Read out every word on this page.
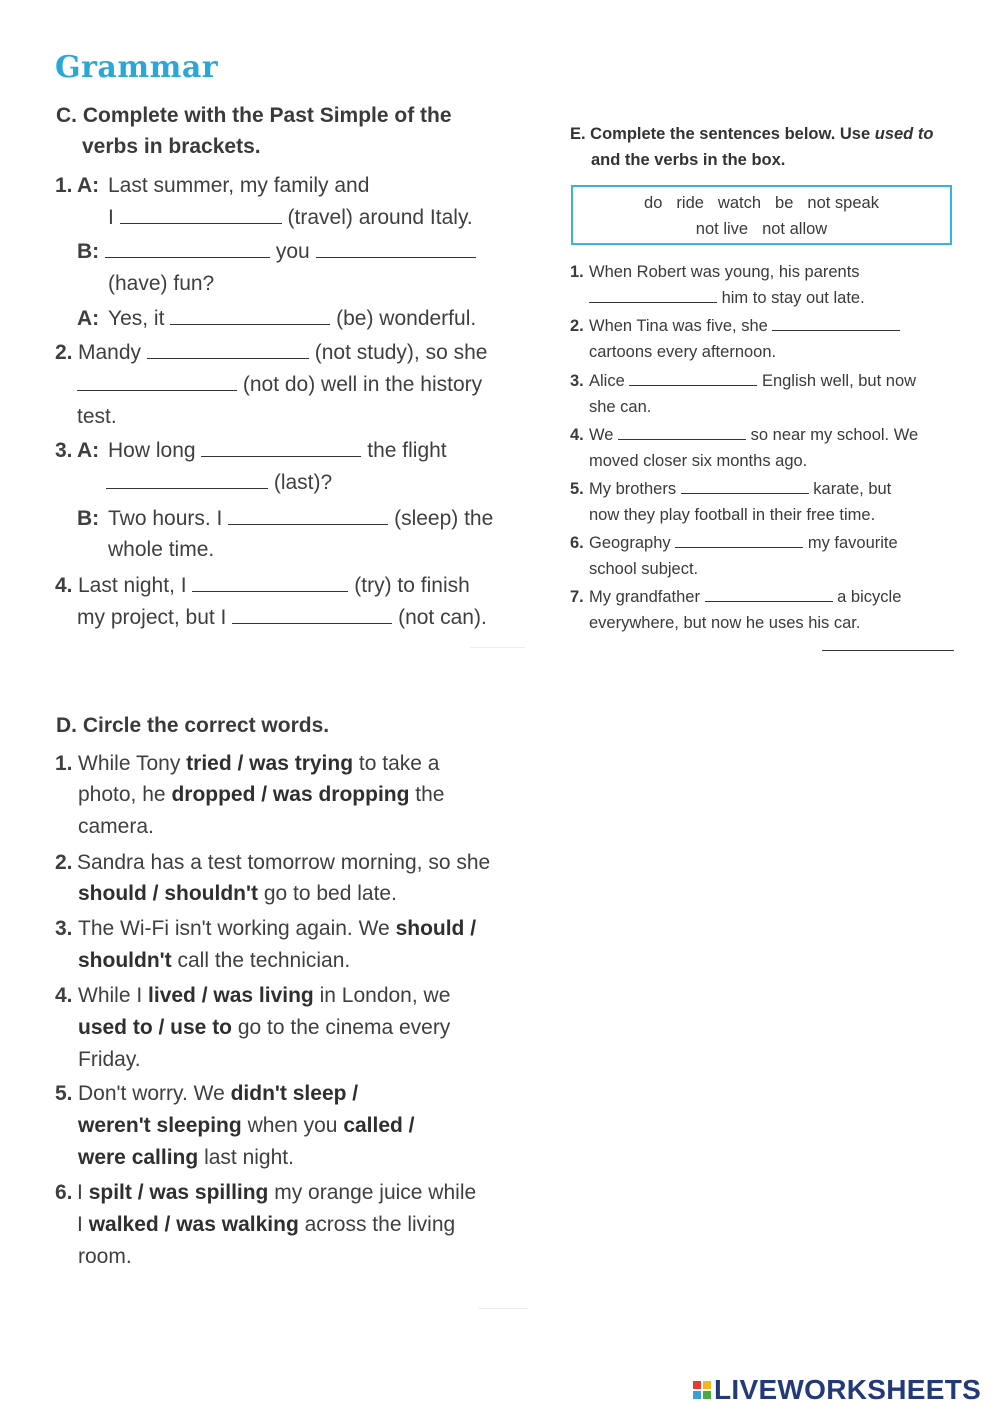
Grammar
C. Complete with the Past Simple of the
verbs in brackets.
1. A: Last summer, my family and
I	(travel) around Italy.
B:	you
(have) fun?
A: Yes, it	(be) wonderful.
2. Mandy	(not study), so she
(not do) well in the history
test.
3. A: How long	the flight
(last)?
B: Two hours. I	(sleep) the
whole time.
4. Last night, I	(try) to finish
my project, but I	(not can).
D. Circle the correct words.
1. While Tony tried / was trying to take a
photo, he dropped / was dropping the
camera.
2. Sandra has a test tomorrow morning, so she
should / shouldn't go to bed late.
3. The Wi-Fi isn't working again. We should /
shouldn't call the technician.
4. While I lived / was living in London, we
used to / use to go to the cinema every
Friday.
5. Don't worry. We didn't sleep /
weren't sleeping when you called /
were calling last night.
6. I spilt / was spilling my orange juice while
I walked / was walking across the living
room.
E. Complete the sentences below. Use used to
and the verbs in the box.
do ride watch be not speak
not live not allow
1. When Robert was young, his parents
him to stay out late.
2. When Tina was five, she
cartoons every afternoon.
3. Alice	English well, but now
she can.
4. We	so near my school. We
moved closer six months ago.
5. My brothers	karate, but
now they play football in their free time.
6. Geography	my favourite
school subject.
7. My grandfather	a bicycle
everywhere, but now he uses his car.
LIVEWORKSHEETS
